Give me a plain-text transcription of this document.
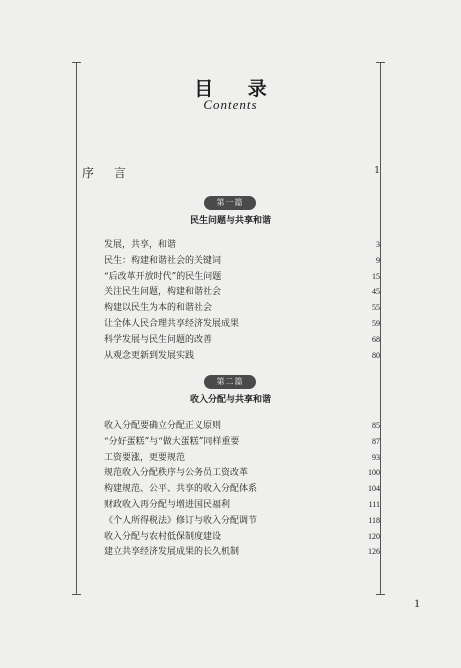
目 录
Contents
序 言	1
第一篇
民生问题与共享和谐
发展，共享，和谐	3
民生：构建和谐社会的关键词	9
“后改革开放时代”的民生问题	15
关注民生问题，构建和谐社会	45
构建以民生为本的和谐社会	55
让全体人民合理共享经济发展成果	59
科学发展与民生问题的改善	68
从观念更新到发展实践	80
第二篇
收入分配与共享和谐
收入分配要确立分配正义原则	85
“分好蛋糕”与“做大蛋糕”同样重要	87
工资要涨，更要规范	93
规范收入分配秩序与公务员工资改革	100
构建规范、公平、共享的收入分配体系	104
财政收入再分配与增进国民福利	111
《个人所得税法》修订与收入分配调节	118
收入分配与农村低保制度建设	120
建立共享经济发展成果的长久机制	126
1
